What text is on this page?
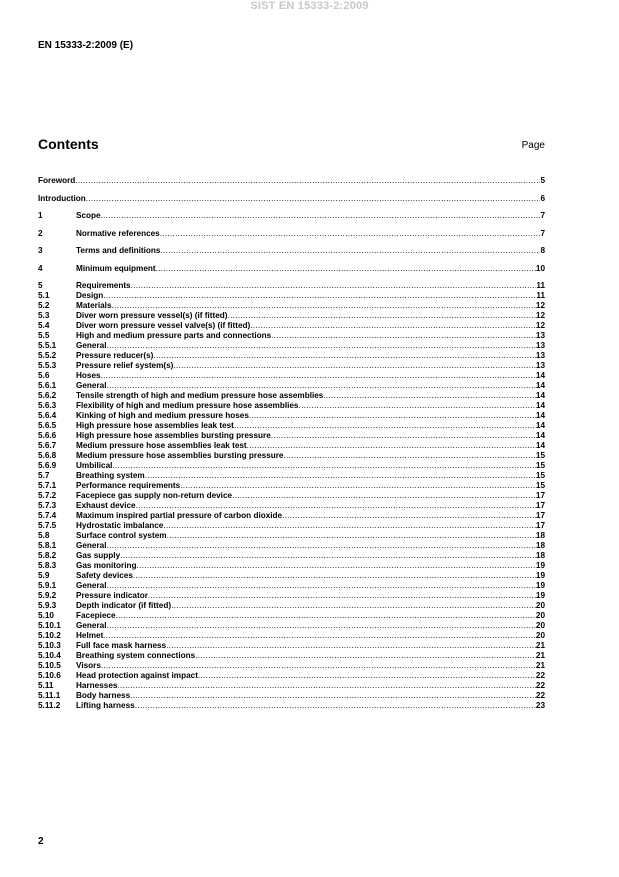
SIST EN 15333-2:2009
EN 15333-2:2009 (E)
Contents	Page
Foreword .....	5
Introduction .....	6
1	Scope .....	7
2	Normative references .....	7
3	Terms and definitions .....	8
4	Minimum equipment .....	10
5	Requirements .....	11
5.1	Design .....	11
5.2	Materials .....	12
5.3	Diver worn pressure vessel(s) (if fitted) .....	12
5.4	Diver worn pressure vessel valve(s) (if fitted) .....	12
5.5	High and medium pressure parts and connections .....	13
5.5.1	General .....	13
5.5.2	Pressure reducer(s) .....	13
5.5.3	Pressure relief system(s) .....	13
5.6	Hoses .....	14
5.6.1	General .....	14
5.6.2	Tensile strength of high and medium pressure hose assemblies .....	14
5.6.3	Flexibility of high and medium pressure hose assemblies .....	14
5.6.4	Kinking of high and medium pressure hoses .....	14
5.6.5	High pressure hose assemblies leak test .....	14
5.6.6	High pressure hose assemblies bursting pressure .....	14
5.6.7	Medium pressure hose assemblies leak test .....	14
5.6.8	Medium pressure hose assemblies bursting pressure .....	15
5.6.9	Umbilical .....	15
5.7	Breathing system .....	15
5.7.1	Performance requirements .....	15
5.7.2	Facepiece gas supply non-return device .....	17
5.7.3	Exhaust device .....	17
5.7.4	Maximum inspired partial pressure of carbon dioxide .....	17
5.7.5	Hydrostatic imbalance .....	17
5.8	Surface control system .....	18
5.8.1	General .....	18
5.8.2	Gas supply .....	18
5.8.3	Gas monitoring .....	19
5.9	Safety devices .....	19
5.9.1	General .....	19
5.9.2	Pressure indicator .....	19
5.9.3	Depth indicator (if fitted) .....	20
5.10	Facepiece .....	20
5.10.1	General .....	20
5.10.2	Helmet .....	20
5.10.3	Full face mask harness .....	21
5.10.4	Breathing system connections .....	21
5.10.5	Visors .....	21
5.10.6	Head protection against impact .....	22
5.11	Harnesses .....	22
5.11.1	Body harness .....	22
5.11.2	Lifting harness .....	23
2
